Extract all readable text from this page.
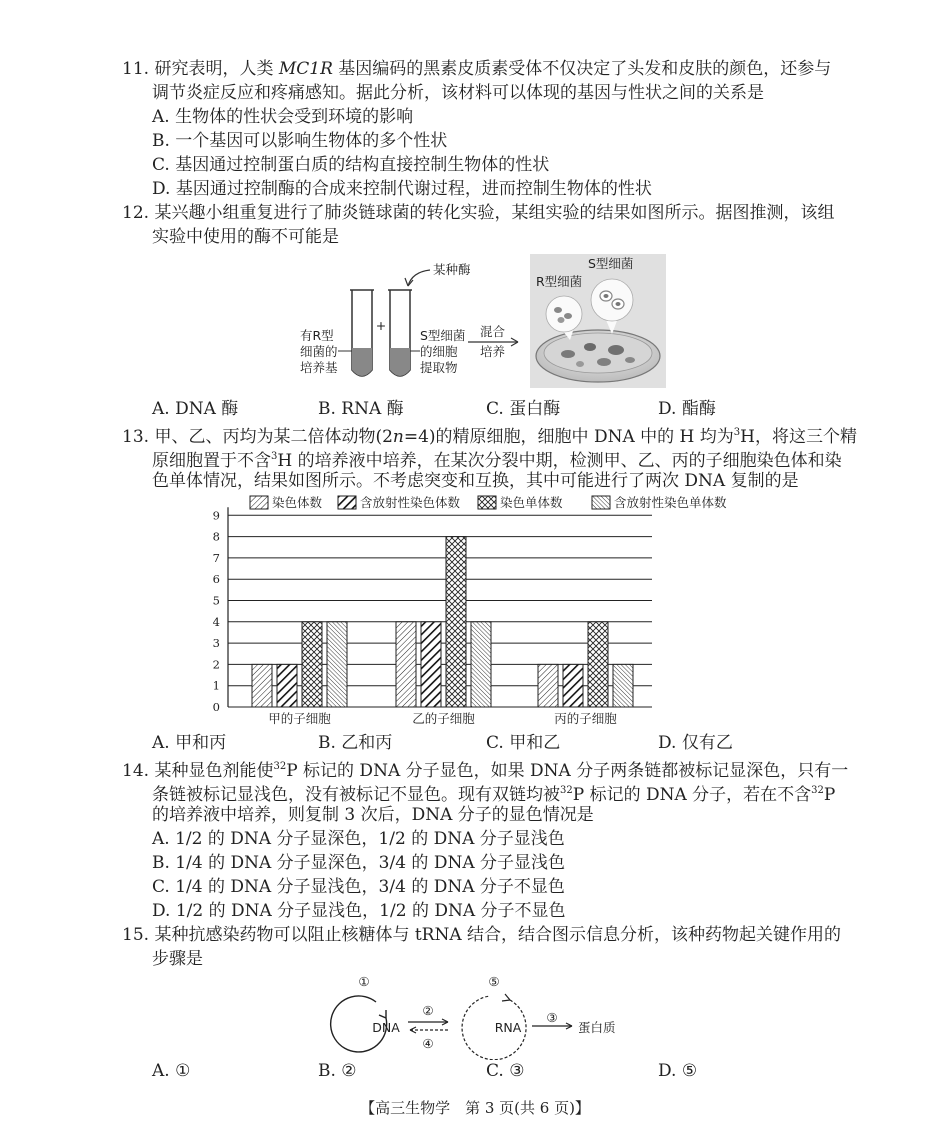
11. 研究表明，人类 MC1R 基因编码的黑素皮质素受体不仅决定了头发和皮肤的颜色，还参与
调节炎症反应和疼痛感知。据此分析，该材料可以体现的基因与性状之间的关系是
A. 生物体的性状会受到环境的影响
B. 一个基因可以影响生物体的多个性状
C. 基因通过控制蛋白质的结构直接控制生物体的性状
D. 基因通过控制酶的合成来控制代谢过程，进而控制生物体的性状
12. 某兴趣小组重复进行了肺炎链球菌的转化实验，某组实验的结果如图所示。据图推测，该组
实验中使用的酶不可能是
+
某种酶
有R型
细菌的
培养基
S型细菌
的细胞
提取物
混合
培养
R型细菌
S型细菌
A. DNA 酶	B. RNA 酶	C. 蛋白酶	D. 酯酶
13. 甲、乙、丙均为某二倍体动物(2n=4)的精原细胞，细胞中 DNA 中的 H 均为$^3$H，将这三个精
原细胞置于不含$^3$H 的培养液中培养，在某次分裂中期，检测甲、乙、丙的子细胞染色体和染
色单体情况，结果如图所示。不考虑突变和互换，其中可能进行了两次 DNA 复制的是
0
1
2
3
4
5
6
7
8
9
甲的子细胞	乙的子细胞	丙的子细胞
染色体数	含放射性染色体数	染色单体数	含放射性染色单体数
A. 甲和丙	B. 乙和丙	C. 甲和乙	D. 仅有乙
14. 某种显色剂能使$^{32}$P 标记的 DNA 分子显色，如果 DNA 分子两条链都被标记显深色，只有一
条链被标记显浅色，没有被标记不显色。现有双链均被$^{32}$P 标记的 DNA 分子，若在不含$^{32}$P
的培养液中培养，则复制 3 次后，DNA 分子的显色情况是
A. 1/2 的 DNA 分子显深色，1/2 的 DNA 分子显浅色
B. 1/4 的 DNA 分子显深色，3/4 的 DNA 分子显浅色
C. 1/4 的 DNA 分子显浅色，3/4 的 DNA 分子不显色
D. 1/2 的 DNA 分子显浅色，1/2 的 DNA 分子不显色
15. 某种抗感染药物可以阻止核糖体与 tRNA 结合，结合图示信息分析，该种药物起关键作用的
步骤是
①
DNA
②
④
⑤
RNA
③
蛋白质
A. ①	B. ②	C. ③	D. ⑤
【高三生物学　第 3 页(共 6 页)】
